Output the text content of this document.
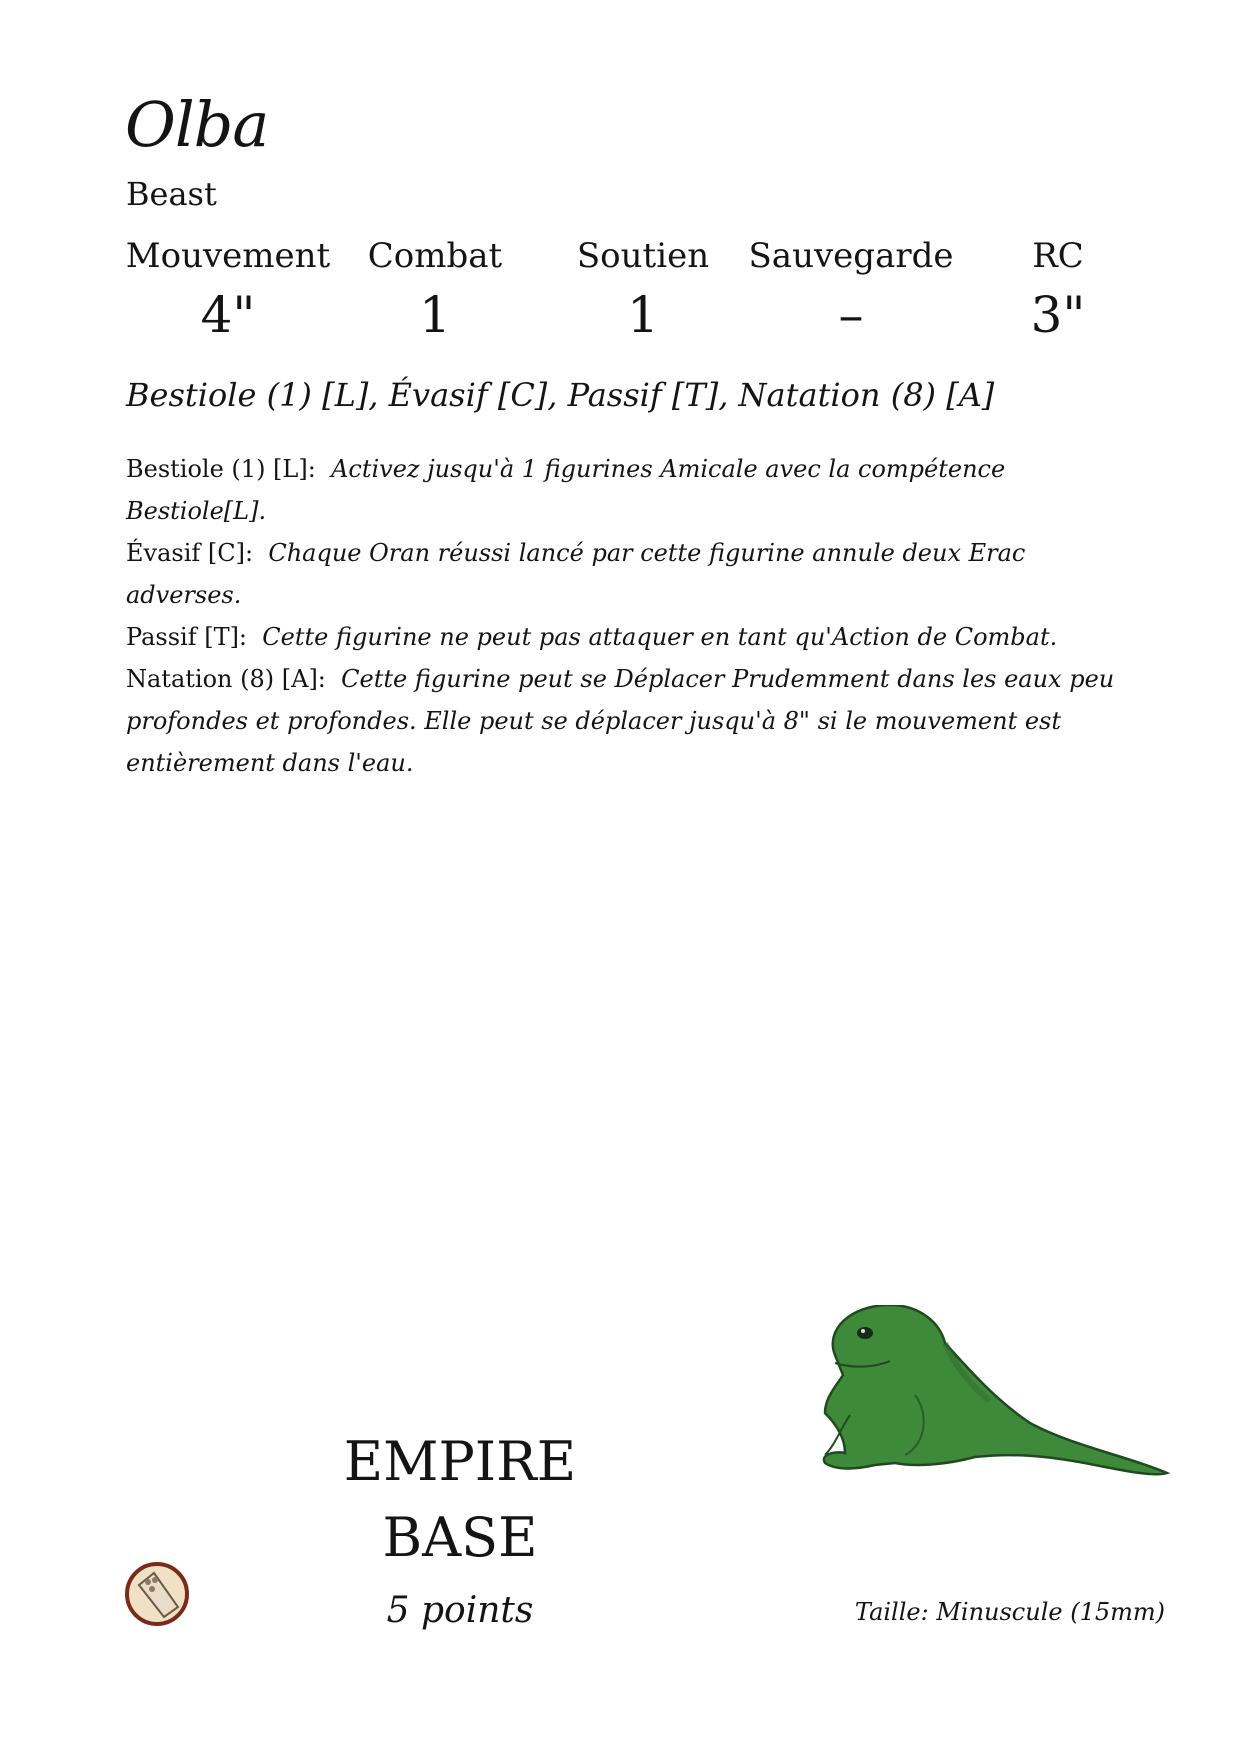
Olba
Beast
Mouvement
4"
Combat
1
Soutien
1
Sauvegarde
–
RC
3"
Bestiole (1) [L], Évasif [C], Passif [T], Natation (8) [A]

Bestiole (1) [L]: Activez jusqu'à 1 figurines Amicale avec la compétence Bestiole[L].

Évasif [C]: Chaque Oran réussi lancé par cette figurine annule deux Erac adverses.

Passif [T]: Cette figurine ne peut pas attaquer en tant qu'Action de Combat.

Natation (8) [A]: Cette figurine peut se Déplacer Prudemment dans les eaux peu profondes et profondes. Elle peut se déplacer jusqu'à 8" si le mouvement est entièrement dans l'eau.

EMPIRE
BASE
5 points	Taille: Minuscule (15mm)
